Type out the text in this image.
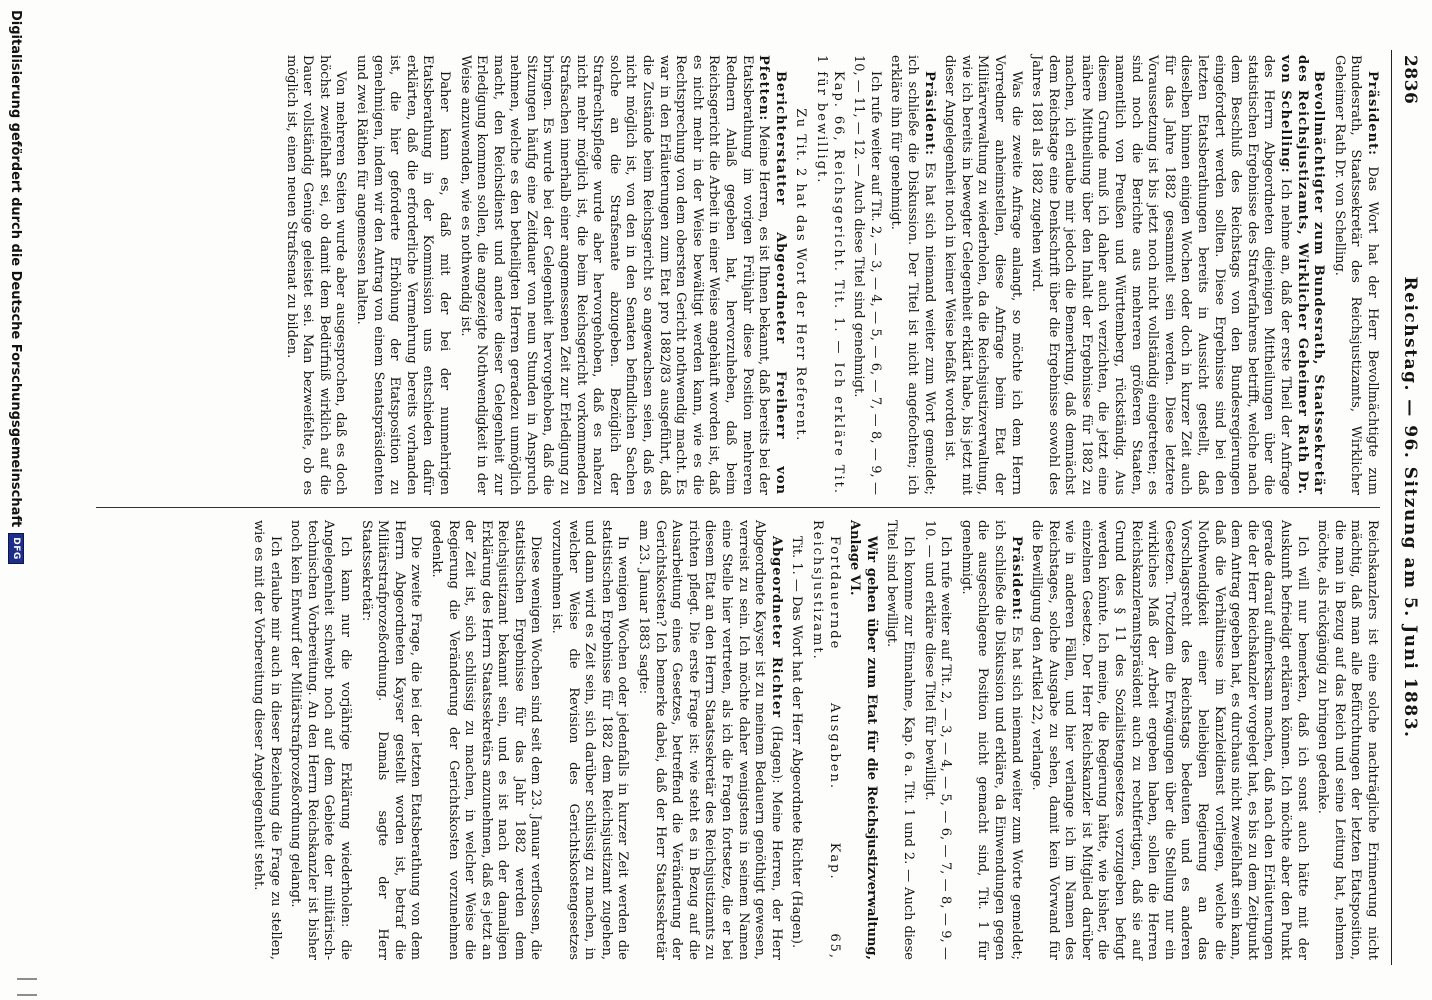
2836
Reichstag. — 96. Sitzung am 5. Juni 1883.

Präsident: Das Wort hat der Herr Bevollmächtigte zum Bundesrath, Staatssekretär des Reichsjustizamts, Wirklicher Geheimer Rath Dr. von Schelling.

Bevollmächtigter zum Bundesrath, Staatssekretär des Reichsjustizamts, Wirklicher Geheimer Rath Dr. von Schelling: Ich nehme an, daß der erste Theil der Anfrage des Herrn Abgeordneten diejenigen Mittheilungen über die statistischen Ergebnisse des Strafverfahrens betrifft, welche nach dem Beschluß des Reichstags von den Bundesregierungen eingefordert werden sollten. Diese Ergebnisse sind bei den letzten Etatsberathungen bereits in Aussicht gestellt, daß dieselben binnen einigen Wochen oder doch in kurzer Zeit auch für das Jahre 1882 gesammelt sein werden. Diese letztere Voraussetzung ist bis jetzt noch nicht vollständig eingetreten; es sind noch die Berichte aus mehreren größeren Staaten, namentlich von Preußen und Württemberg, rückständig. Aus diesem Grunde muß ich daher auch verzichten, die jetzt eine nähere Mittheilung über den Inhalt der Ergebnisse für 1882 zu machen, ich erlaube mir jedoch die Bemerkung, daß demnächst dem Reichstage eine Denkschrift über die Ergebnisse sowohl des Jahres 1881 als 1882 zugehen wird.

Was die zweite Anfrage anlangt, so möchte ich dem Herrn Vorredner anheimstellen, diese Anfrage beim Etat der Militärverwaltung zu wiederholen, da die Reichsjustizverwaltung, wie ich bereits in bewegter Gelegenheit erklärt habe, bis jetzt mit dieser Angelegenheit noch in keiner Weise befaßt worden ist.

Präsident: Es hat sich niemand weiter zum Wort gemeldet; ich schließe die Diskussion. Der Titel ist nicht angefochten; ich erkläre ihn für genehmigt.

Ich rufe weiter auf Tit. 2, — 3, — 4, — 5, — 6, — 7, — 8, — 9, — 10, — 11, — 12. — Auch diese Titel sind genehmigt.

Kap. 66, Reichsgericht. Tit. 1. — Ich erkläre Tit. 1 für bewilligt.

Zu Tit. 2 hat das Wort der Herr Referent.

Berichterstatter Abgeordneter Freiherr von Pfetten: Meine Herren, es ist Ihnen bekannt, daß bereits bei der Etatsberathung im vorigen Frühjahr diese Position mehreren Rednern Anlaß gegeben hat, hervorzuheben, daß beim Reichsgericht die Arbeit in einer Weise angehäuft worden ist, daß es nicht mehr in der Weise bewältigt werden kann, wie es die Rechtsprechung von dem obersten Gericht nothwendig macht. Es war in den Erläuterungen zum Etat pro 1882/83 ausgeführt, daß die Zustände beim Reichsgericht so angewachsen seien, daß es nicht möglich ist, von den in den Senaten befindlichen Sachen solche an die Strafsenate abzugeben. Bezüglich der Strafrechtspflege wurde aber hervorgehoben, daß es nahezu nicht mehr möglich ist, die beim Reichsgericht vorkommenden Strafsachen innerhalb einer angemessenen Zeit zur Erledigung zu bringen. Es wurde bei der Gelegenheit hervorgehoben, daß die Sitzungen häufig eine Zeitdauer von neun Stunden in Anspruch nehmen, welche es den betheiligten Herren geradezu unmöglich macht, den Reichsdienst und andere dieser Gelegenheit zur Erledigung kommen sollen, die angezeigte Nothwendigkeit in der Weise anzuwenden, wie es nothwendig ist.

Daher kann es, daß mit der bei der nunmehrigen Etatsberathung in der Kommission uns entschieden dafür erklärten, daß die erforderliche Vermehrung bereits vorhanden ist, die hier geforderte Erhöhung der Etatsposition zu genehmigen, indem wir den Antrag von einem Senatspräsidenten und zwei Räthen für angemessen halten.

Von mehreren Seiten wurde aber ausgesprochen, daß es doch höchst zweifelhaft sei, ob damit dem Bedürfniß wirklich auf die Dauer vollständig Genüge geleistet sei. Man bezweifelte, ob es möglich ist, einen neuen Strafsenat zu bilden.

Reichskanzlers ist eine solche nachträgliche Erinnerung nicht mächtig, daß man alle Befürchtungen der letzten Etatsposition, die man in Bezug auf das Reich und seine Leitung hat, nehmen möchte, als rückgängig zu bringen gedenke.

Ich will nur bemerken, daß ich sonst auch hätte mit der Auskunft befriedigt erklären können. Ich möchte aber den Punkt gerade darauf aufmerksam machen, daß nach den Erläuterungen die der Herr Reichskanzler vorgelegt hat, es bis zu dem Zeitpunkt dem Antrag gegeben hat, es durchaus nicht zweifelhaft sein kann, daß die Verhältnisse im Kanzleidienst vorliegen, welche die Nothwendigkeit einer beliebigen Regierung an das Vorschlagsrecht des Reichstags bedeuten und es anderen Gesetzen. Trotzdem die Erwägungen über die Stellung nur ein wirkliches Maß der Arbeit ergeben haben, sollen die Herren Reichskanzleramtspräsident auch zu rechtfertigen, daß sie auf Grund des § 11 des Sozialistengesetzes vorzugeben befugt werden könnte. Ich meine, die Regierung hätte, wie bisher, die einzelnen Gesetze. Der Herr Reichskanzler ist Mitglied darüber wie in anderen Fällen, und hier verlange ich im Namen des Reichstages, solche Ausgabe zu sehen, damit kein Vorwand für die Bewilligung den Artikel 22, verlange.

Präsident: Es hat sich niemand weiter zum Worte gemeldet; ich schließe die Diskussion und erkläre, da Einwendungen gegen die ausgeschlagene Position nicht gemacht sind, Tit. 1 für genehmigt.

Ich rufe weiter auf Tit. 2, — 3, — 4, — 5, — 6, — 7, — 8, — 9, — 10. — und erkläre diese Titel für bewilligt.

Ich komme zur Einnahme, Kap. 6 a. Tit. 1 und 2. — Auch diese Titel sind bewilligt.

Wir gehen über zum Etat für die Reichsjustizverwaltung, Anlage VI.

Fortdauernde Ausgaben. Kap. 65, Reichsjustizamt.

Tit. 1. — Das Wort hat der Herr Abgeordnete Richter (Hagen).

Abgeordneter Richter (Hagen): Meine Herren, der Herr Abgeordnete Kayser ist zu meinem Bedauern genöthigt gewesen, verreist zu sein. Ich möchte daher wenigstens in seinem Namen eine Stelle hier vertreten, als ich die Fragen fortsetze, die er bei diesem Etat an den Herrn Staatssekretär des Reichsjustizamts zu richten pflegt. Die erste Frage ist: wie steht es in Bezug auf die Ausarbeitung eines Gesetzes, betreffend die Veränderung der Gerichtskosten? Ich bemerke dabei, daß der Herr Staatssekretär am 23. Januar 1883 sagte:

In wenigen Wochen oder jedenfalls in kurzer Zeit werden die statistischen Ergebnisse für 1882 dem Reichsjustizamt zugehen, und dann wird es Zeit sein, sich darüber schlüssig zu machen, in welcher Weise die Revision des Gerichtskostengesetzes vorzunehmen ist.

Diese wenigen Wochen sind seit dem 23. Januar verflossen, die statistischen Ergebnisse für das Jahr 1882 werden dem Reichsjustizamt bekannt sein, und es ist nach der damaligen Erklärung des Herrn Staatssekretärs anzunehmen, daß es jetzt an der Zeit ist, sich schlüssig zu machen, in welcher Weise die Regierung die Veränderung der Gerichtskosten vorzunehmen gedenkt.

Die zweite Frage, die bei der letzten Etatsberathung von dem Herrn Abgeordneten Kayser gestellt worden ist, betraf die Militärstrafprozeßordnung. Damals sagte der Herr Staatssekretär:

Ich kann nur die vorjährige Erklärung wiederholen: die Angelegenheit schwebt noch auf dem Gebiete der militärisch-technischen Vorbereitung. An den Herrn Reichskanzler ist bisher noch kein Entwurf der Militärstrafprozeßordnung gelangt.

Ich erlaube mir auch in dieser Beziehung die Frage zu stellen, wie es mit der Vorbereitung dieser Angelegenheit steht.

Digitalisierung gefördert durch die Deutsche Forschungsgemeinschaft
DFG
